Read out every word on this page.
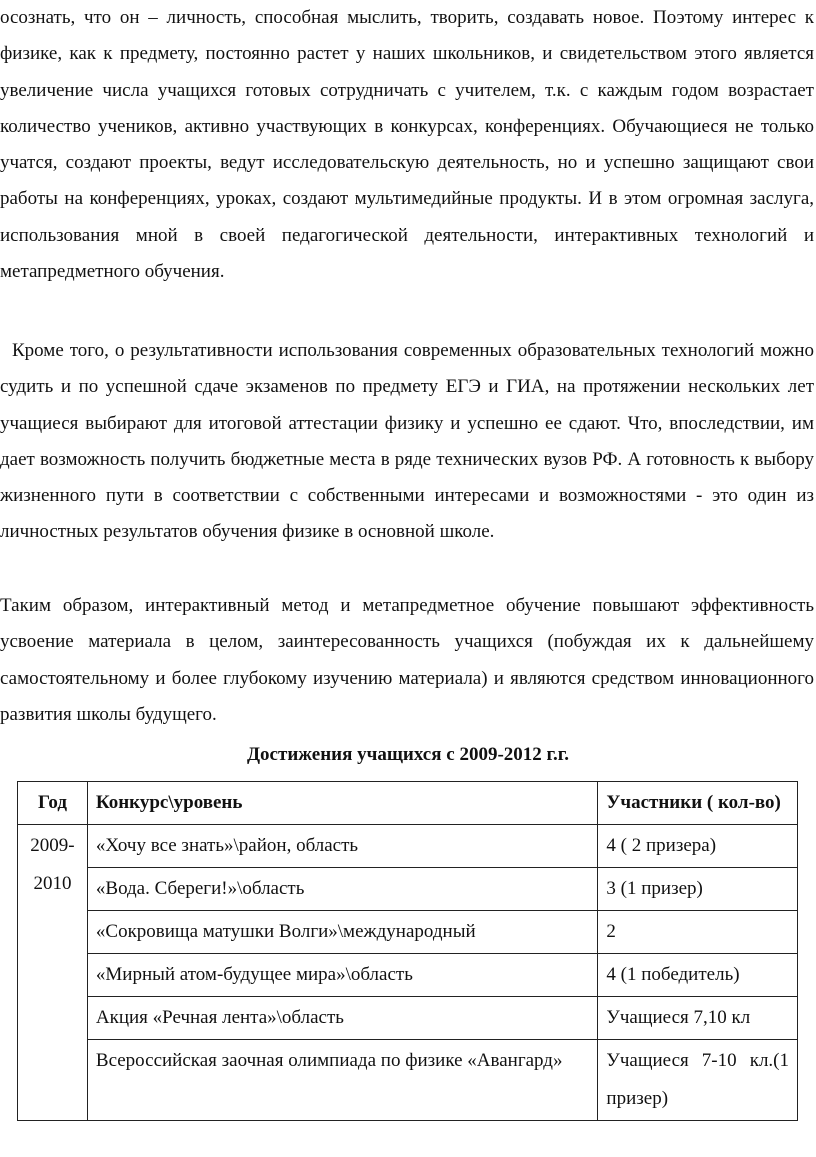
осознать, что он – личность, способная мыслить, творить, создавать новое. Поэтому интерес к физике, как к предмету, постоянно растет у наших школьников, и свидетельством этого является увеличение числа учащихся готовых сотрудничать с учителем, т.к. с каждым годом возрастает количество учеников, активно участвующих в конкурсах, конференциях. Обучающиеся не только учатся, создают проекты, ведут исследовательскую деятельность, но и успешно защищают свои работы на конференциях, уроках, создают мультимедийные продукты. И в этом огромная заслуга, использования мной в своей педагогической деятельности, интерактивных технологий и метапредметного обучения.

Кроме того, о результативности использования современных образовательных технологий можно судить и по успешной сдаче экзаменов по предмету ЕГЭ и ГИА, на протяжении нескольких лет учащиеся выбирают для итоговой аттестации физику и успешно ее сдают. Что, впоследствии, им дает возможность получить бюджетные места в ряде технических вузов РФ. А готовность к выбору жизненного пути в соответствии с собственными интересами и возможностями - это один из личностных результатов обучения физике в основной школе.

Таким образом, интерактивный метод и метапредметное обучение повышают эффективность усвоение материала в целом, заинтересованность учащихся (побуждая их к дальнейшему самостоятельному и более глубокому изучению материала) и являются средством инновационного развития школы будущего.

Достижения учащихся с 2009-2012 г.г.
Год	Конкурс\уровень	Участники ( кол-во)
2009-2010	«Хочу все знать»\район, область	4 ( 2 призера)
	«Вода. Сбереги!»\область	3 (1 призер)
	«Сокровища матушки Волги»\международный	2
	«Мирный атом-будущее мира»\область	4 (1 победитель)
	Акция «Речная лента»\область	Учащиеся 7,10 кл
	Всероссийская заочная олимпиада по физике «Авангард»	Учащиеся 7-10 кл.(1 призер)
